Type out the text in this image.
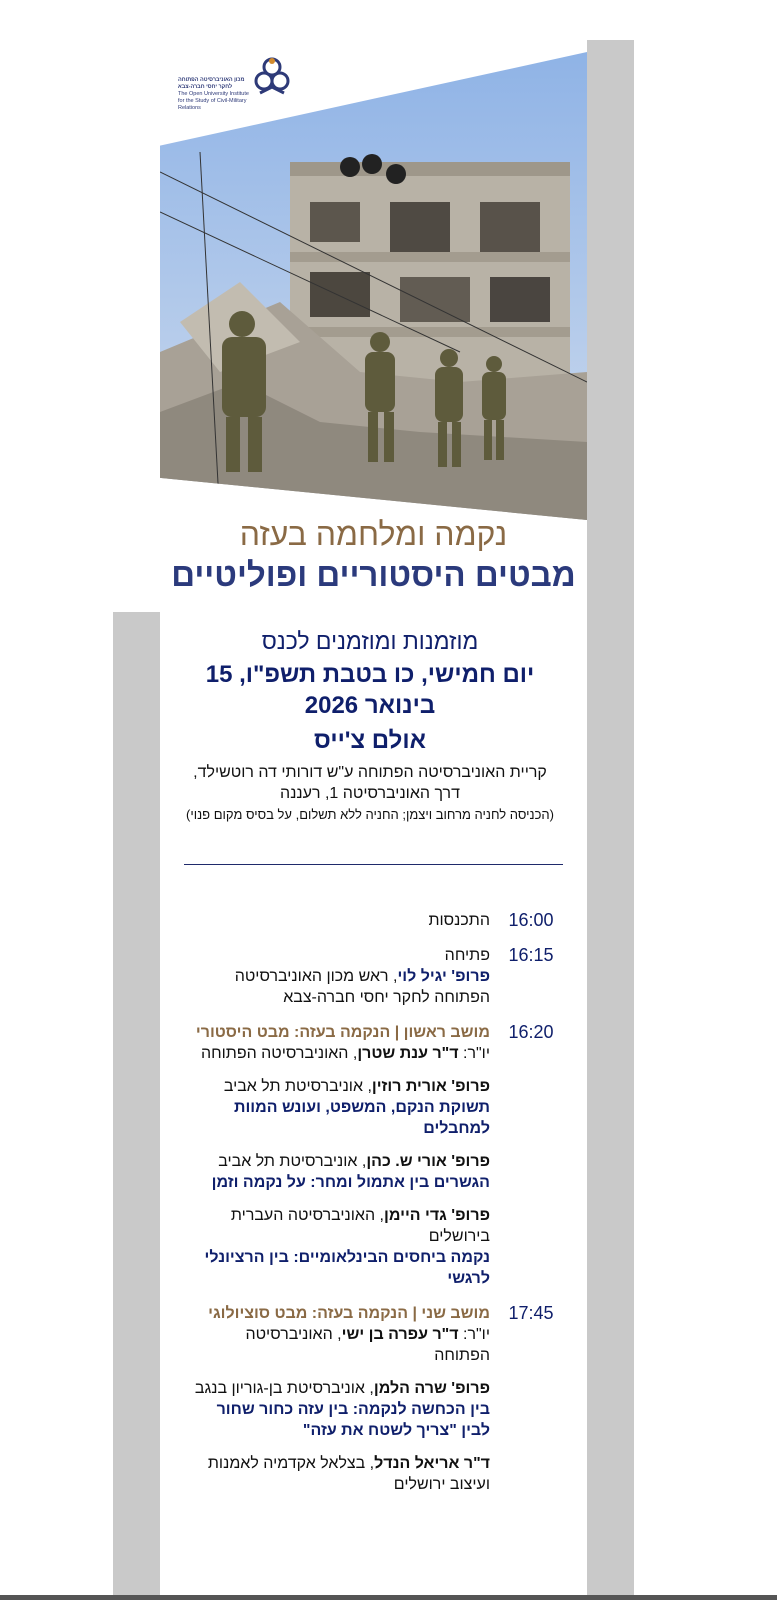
מכון האוניברסיטה הפתוחה
לחקר יחסי חברה-צבא
The Open University Institute
for the Study of Civil-Military Relations
נקמה ומלחמה בעזה
מבטים היסטוריים ופוליטיים
מוזמנות ומוזמנים לכנס
יום חמישי, כו בטבת תשפ"ו, 15 בינואר 2026
אולם צ'ייס
קריית האוניברסיטה הפתוחה ע"ש דורותי דה רוטשילד, דרך האוניברסיטה 1, רעננה
(הכניסה לחניה מרחוב ויצמן; החניה ללא תשלום, על בסיס מקום פנוי)
16:00
התכנסות
16:15
פתיחה
פרופ' יגיל לוי, ראש מכון האוניברסיטה הפתוחה לחקר יחסי חברה-צבא
16:20
מושב ראשון | הנקמה בעזה: מבט היסטורי
יו"ר: ד"ר ענת שטרן, האוניברסיטה הפתוחה
פרופ' אורית רוזין, אוניברסיטת תל אביב
תשוקת הנקם, המשפט, ועונש המוות למחבלים
פרופ' אורי ש. כהן, אוניברסיטת תל אביב
הגשרים בין אתמול ומחר: על נקמה וזמן
פרופ' גדי היימן, האוניברסיטה העברית בירושלים
נקמה ביחסים הבינלאומיים: בין הרציונלי לרגשי
17:45
מושב שני | הנקמה בעזה: מבט סוציולוגי
יו"ר: ד"ר עפרה בן ישי, האוניברסיטה הפתוחה
פרופ' שרה הלמן, אוניברסיטת בן-גוריון בנגב
בין הכחשה לנקמה: בין עזה כחור שחור לבין "צריך לשטח את עזה"
ד"ר אריאל הנדל, בצלאל אקדמיה לאמנות ועיצוב ירושלים
